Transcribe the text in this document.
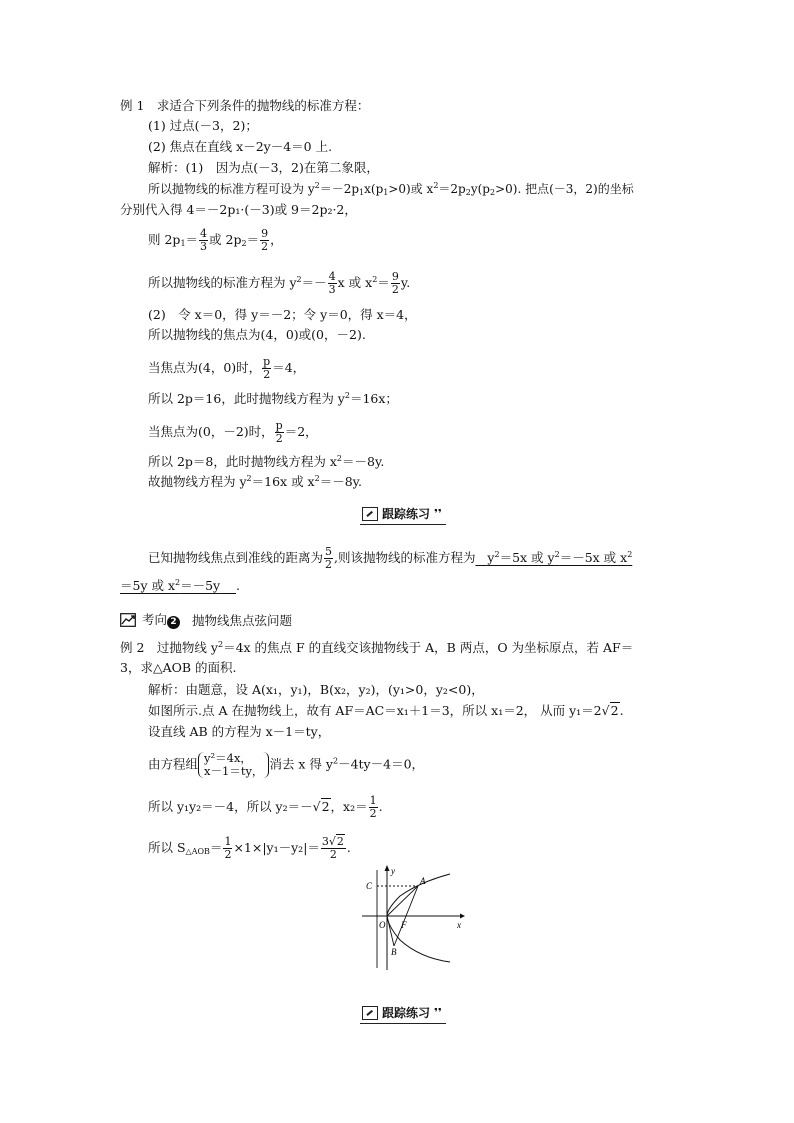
例 1　求适合下列条件的抛物线的标准方程：
(1) 过点(－3，2)；
(2) 焦点在直线 x－2y－4＝0 上.
解析：(1)　因为点(－3，2)在第二象限，
所以抛物线的标准方程可设为 $y^2=-2p_1x(p_1>0)$或 $x^2=2p_2y(p_2>0)$. 把点(－3，2)的坐标
分别代入得 4＝－2p₁·(－3)或 9＝2p₂·2，
则 $2p_1= \frac{4}{3}$ 或 $2p_2= \frac{9}{2}$ ，
所以抛物线的标准方程为 $y^2=- \frac{4}{3}$ x 或 $x^2= \frac{9}{2} y$.
(2)　令 x＝0，得 y＝－2；令 y＝0，得 x＝4，
所以抛物线的焦点为(4，0)或(0，－2).
当焦点为(4，0)时， $\frac{p}{2} =4$，
所以 2p＝16，此时抛物线方程为 $y^2=16x$；
当焦点为(0，－2)时， $\frac{p}{2} =2$，
所以 2p＝8，此时抛物线方程为 $x^2=-8y$.
故抛物线方程为 $y^2=16x$ 或 $x^2=-8y$.
跟踪练习 ❜❜
已知抛物线焦点到准线的距离为 $\frac{5}{2}$ ,则该抛物线的标准方程为 $y^2=5x$ 或 $y^2=-5x$ 或 $x^2$
＝5y 或 $x^2=-5y$ .
考向 2 抛物线焦点弦问题
例 2　过抛物线 $y^2=4x$ 的焦点 F 的直线交该抛物线于 A，B 两点，O 为坐标原点，若 AF＝
3，求△AOB 的面积.
解析：由题意，设 A(x₁，y₁)，B(x₂，y₂)，(y₁>0，y₂<0)，
如图所示.点 A 在抛物线上，故有 AF＝AC＝x₁＋1＝3，所以 x₁＝2， 从而 y₁＝2√2.
设直线 AB 的方程为 x－1＝ty，
由方程组 y²＝4x，
x－1＝ty， 消去 x 得 $y^2-4ty-4=0$，
所以 y₁y₂＝－4，所以 y₂＝－√2，$x_2= \frac{1}{2}$ .
所以 $S_{\triangle AOB}= \frac{1}{2} \times 1\times|y_1-y_2|= \frac{3√2}{2}$ .
y
x
C	A
O F
B
跟踪练习 ❜❜
